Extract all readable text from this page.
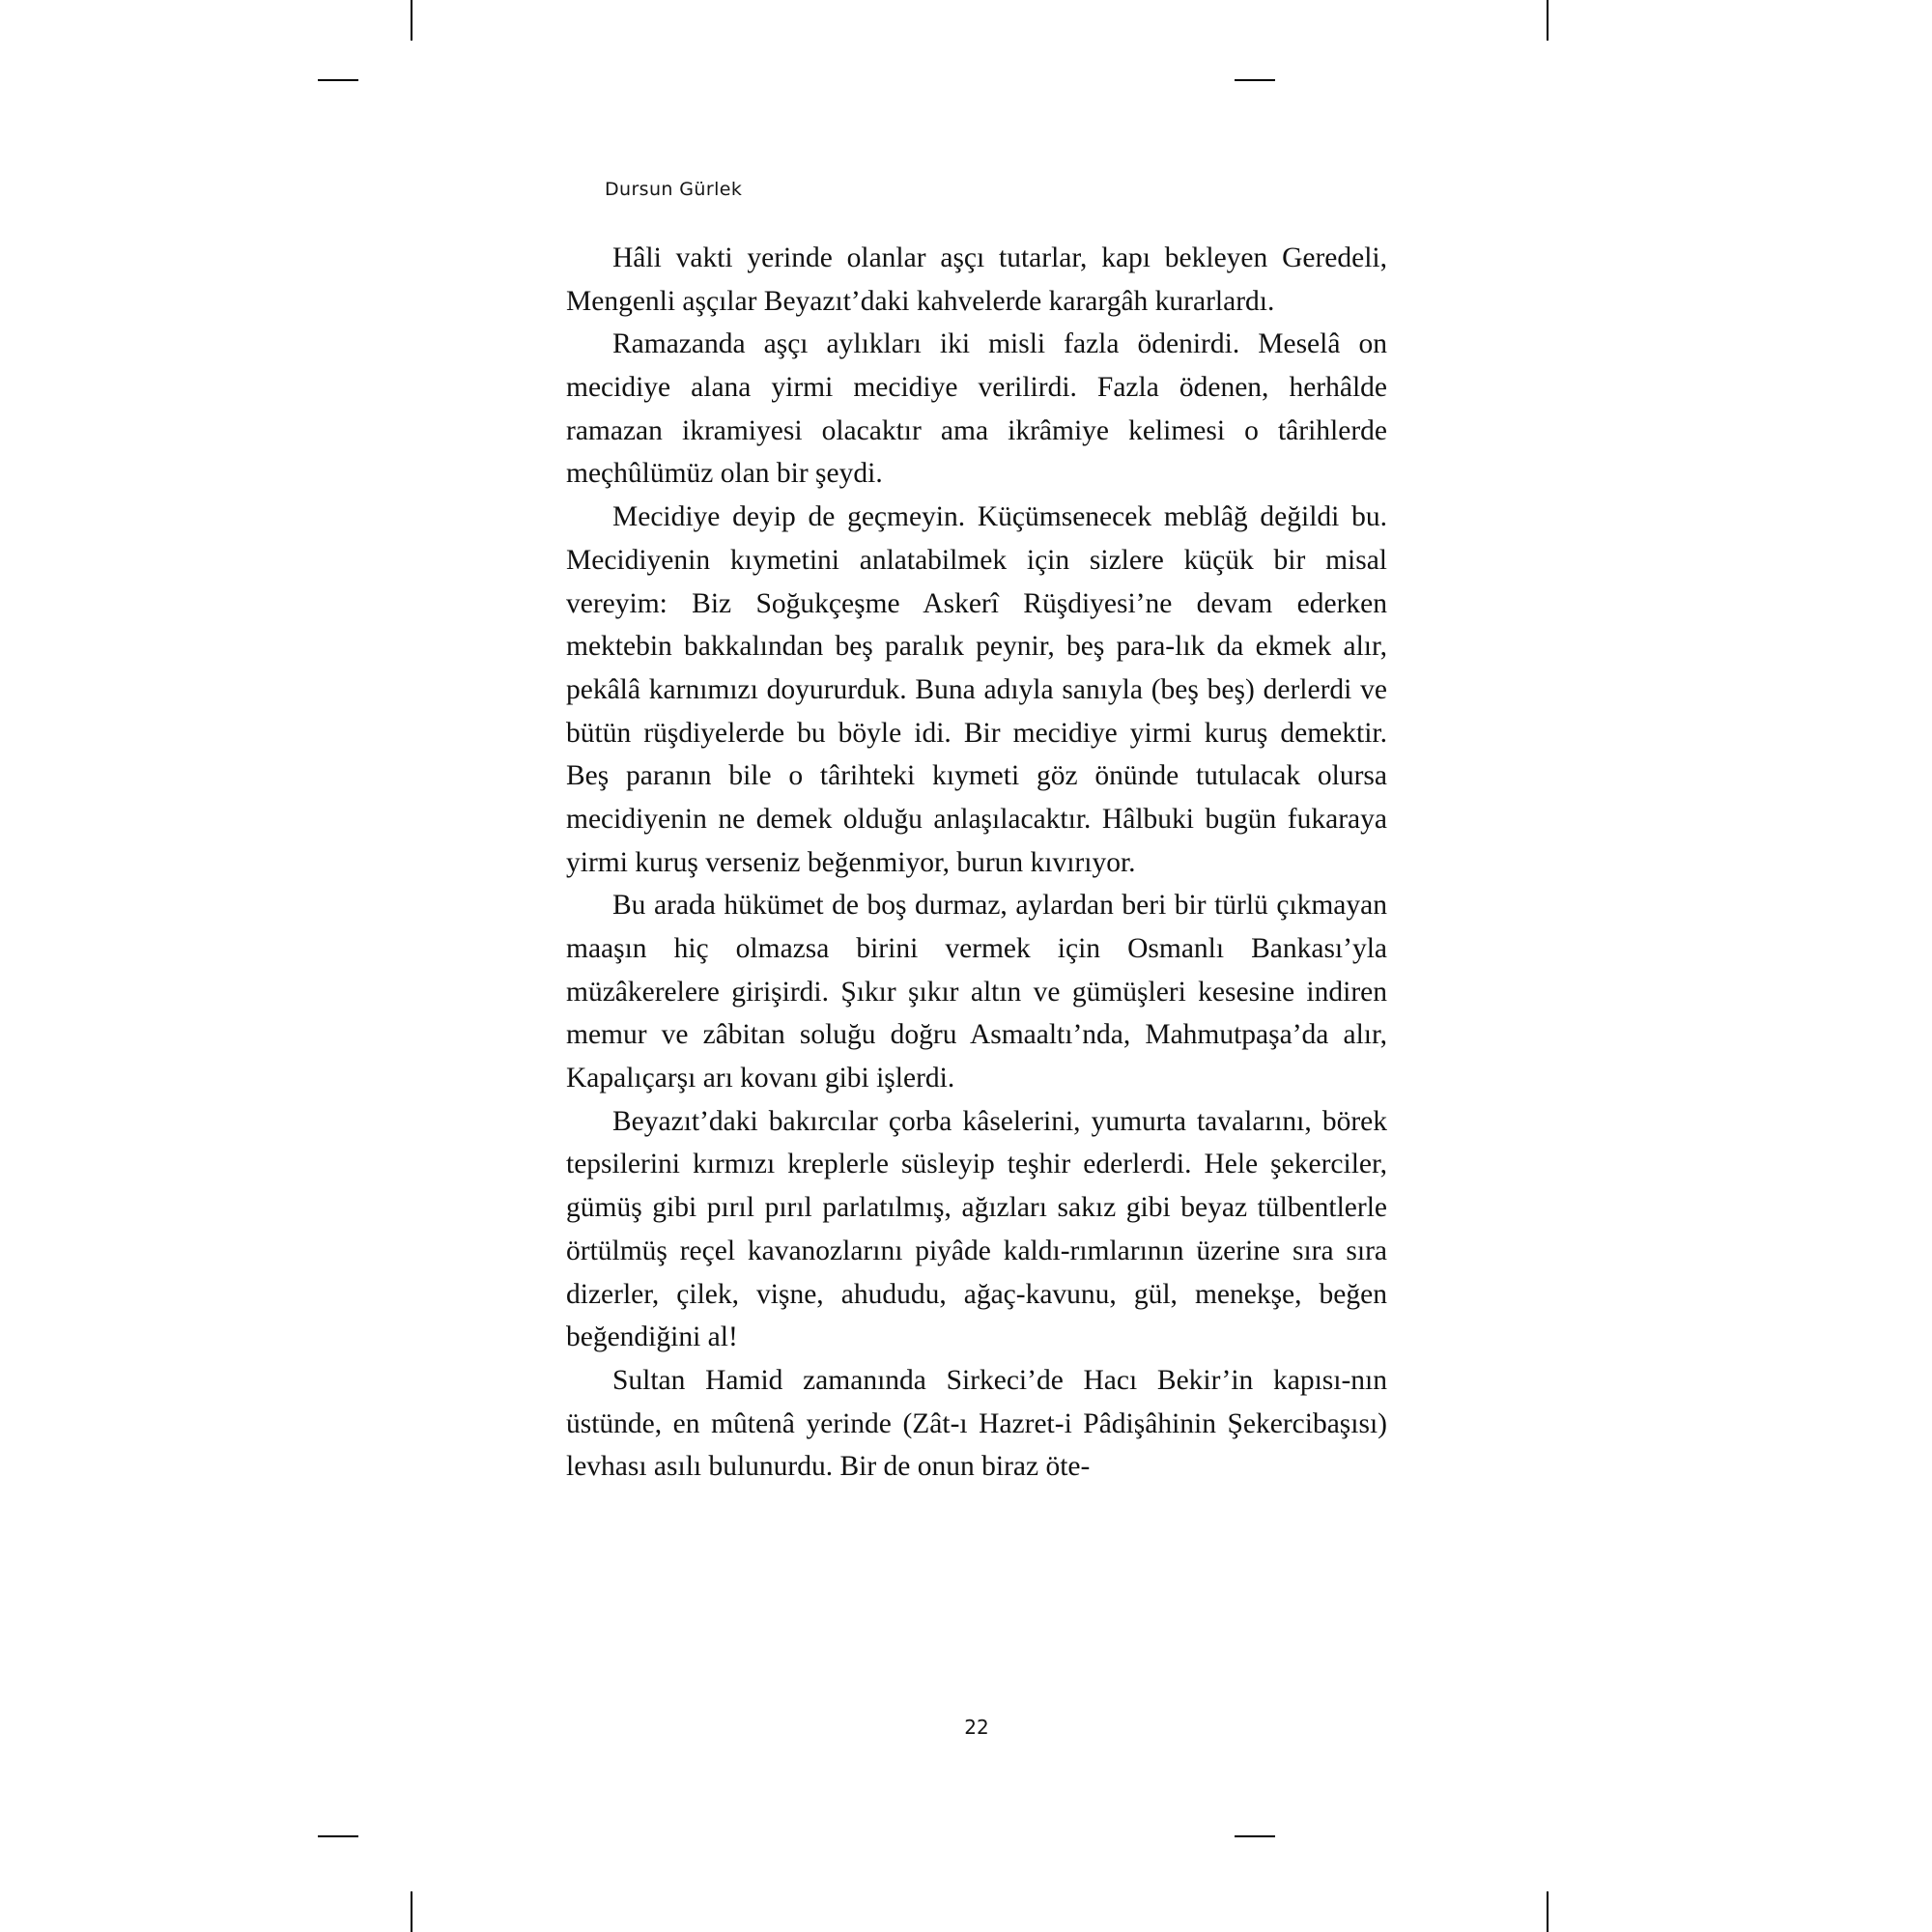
Dursun Gürlek

Hâli vakti yerinde olanlar aşçı tutarlar, kapı bekleyen Geredeli, Mengenli aşçılar Beyazıt’daki kahvelerde karargâh kurarlardı.

Ramazanda aşçı aylıkları iki misli fazla ödenirdi. Meselâ on mecidiye alana yirmi mecidiye verilirdi. Fazla ödenen, herhâlde ramazan ikramiyesi olacaktır ama ikrâmiye kelimesi o târihlerde meçhûlümüz olan bir şeydi.

Mecidiye deyip de geçmeyin. Küçümsenecek meblâğ değildi bu. Mecidiyenin kıymetini anlatabilmek için sizlere küçük bir misal vereyim: Biz Soğukçeşme Askerî Rüşdiyesi’ne devam ederken mektebin bakkalından beş paralık peynir, beş para-lık da ekmek alır, pekâlâ karnımızı doyururduk. Buna adıyla sanıyla (beş beş) derlerdi ve bütün rüşdiyelerde bu böyle idi. Bir mecidiye yirmi kuruş demektir. Beş paranın bile o târihteki kıymeti göz önünde tutulacak olursa mecidiyenin ne demek olduğu anlaşılacaktır. Hâlbuki bugün fukaraya yirmi kuruş verseniz beğenmiyor, burun kıvırıyor.

Bu arada hükümet de boş durmaz, aylardan beri bir türlü çıkmayan maaşın hiç olmazsa birini vermek için Osmanlı Bankası’yla müzâkerelere girişirdi. Şıkır şıkır altın ve gümüşleri kesesine indiren memur ve zâbitan soluğu doğru Asmaaltı’nda, Mahmutpaşa’da alır, Kapalıçarşı arı kovanı gibi işlerdi.

Beyazıt’daki bakırcılar çorba kâselerini, yumurta tavalarını, börek tepsilerini kırmızı kreplerle süsleyip teşhir ederlerdi. Hele şekerciler, gümüş gibi pırıl pırıl parlatılmış, ağızları sakız gibi beyaz tülbentlerle örtülmüş reçel kavanozlarını piyâde kaldı-rımlarının üzerine sıra sıra dizerler, çilek, vişne, ahududu, ağaç-kavunu, gül, menekşe, beğen beğendiğini al!

Sultan Hamid zamanında Sirkeci’de Hacı Bekir’in kapısı-nın üstünde, en mûtenâ yerinde (Zât-ı Hazret-i Pâdişâhinin Şekercibaşısı) levhası asılı bulunurdu. Bir de onun biraz öte-

22
